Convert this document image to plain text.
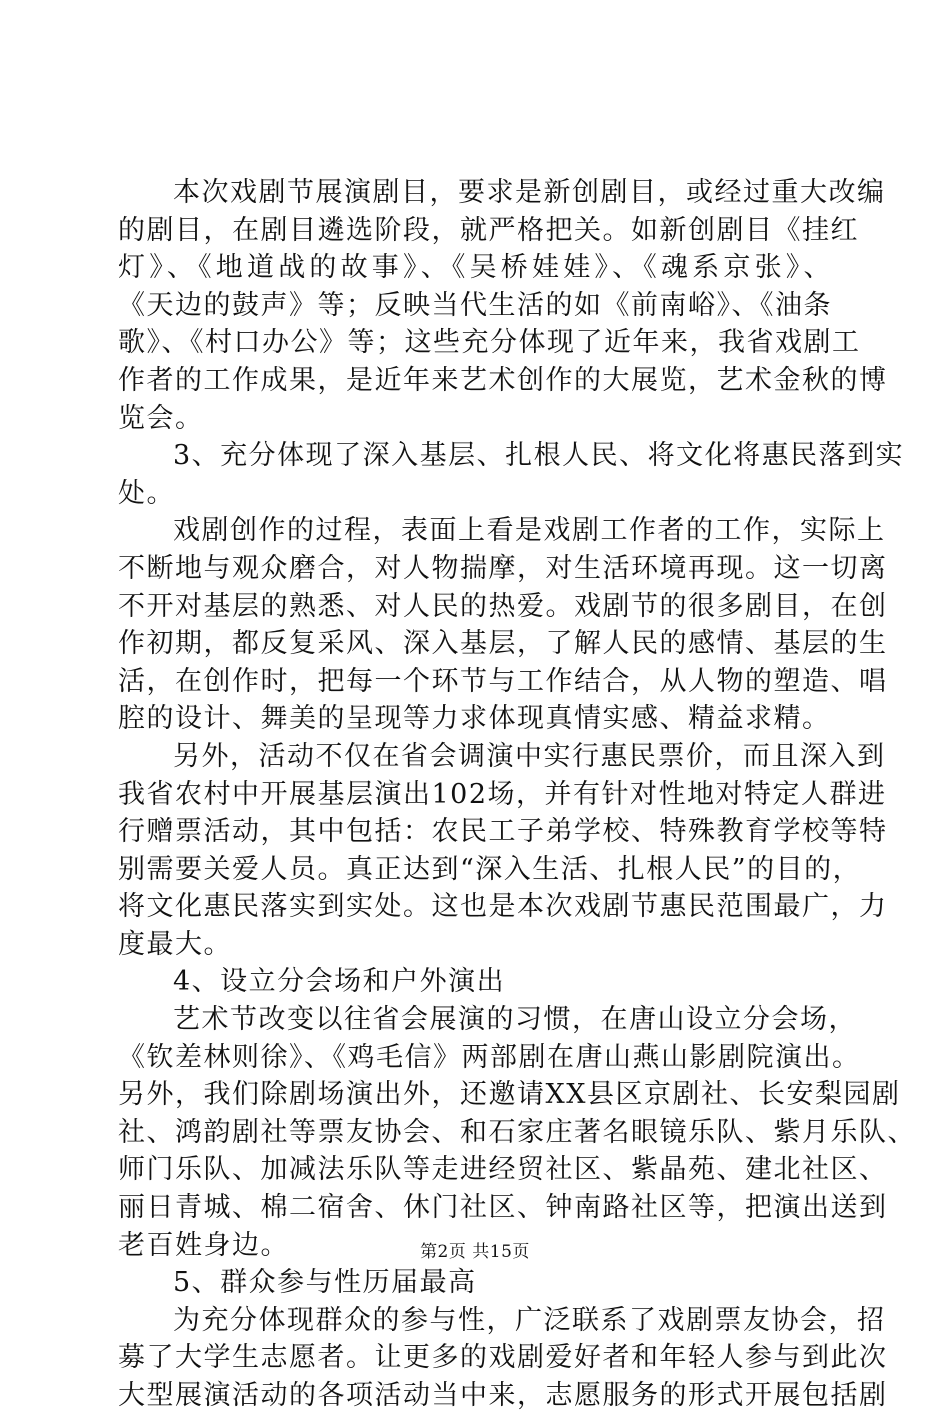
本次戏剧节展演剧目，要求是新创剧目，或经过重大改编
的剧目，在剧目遴选阶段，就严格把关。如新创剧目《挂红
灯》、《地道战的故事》、《吴桥娃娃》、《魂系京张》、
《天边的鼓声》等；反映当代生活的如《前南峪》、《油条
歌》、《村口办公》等；这些充分体现了近年来，我省戏剧工
作者的工作成果，是近年来艺术创作的大展览，艺术金秋的博
览会。
3、充分体现了深入基层、扎根人民、将文化将惠民落到实
处。
戏剧创作的过程，表面上看是戏剧工作者的工作，实际上
不断地与观众磨合，对人物揣摩，对生活环境再现。这一切离
不开对基层的熟悉、对人民的热爱。戏剧节的很多剧目，在创
作初期，都反复采风、深入基层，了解人民的感情、基层的生
活，在创作时，把每一个环节与工作结合，从人物的塑造、唱
腔的设计、舞美的呈现等力求体现真情实感、精益求精。
另外，活动不仅在省会调演中实行惠民票价，而且深入到
我省农村中开展基层演出102场，并有针对性地对特定人群进
行赠票活动，其中包括：农民工子弟学校、特殊教育学校等特
别需要关爱人员。真正达到“深入生活、扎根人民”的目的，
将文化惠民落实到实处。这也是本次戏剧节惠民范围最广，力
度最大。
4、设立分会场和户外演出
艺术节改变以往省会展演的习惯，在唐山设立分会场，
《钦差林则徐》、《鸡毛信》两部剧在唐山燕山影剧院演出。
另外，我们除剧场演出外，还邀请XX县区京剧社、长安梨园剧
社、鸿韵剧社等票友协会、和石家庄著名眼镜乐队、紫月乐队、
师门乐队、加减法乐队等走进经贸社区、紫晶苑、建北社区、
丽日青城、棉二宿舍、休门社区、钟南路社区等，把演出送到
老百姓身边。
5、群众参与性历届最高
为充分体现群众的参与性，广泛联系了戏剧票友协会，招
募了大学生志愿者。让更多的戏剧爱好者和年轻人参与到此次
大型展演活动的各项活动当中来，志愿服务的形式开展包括剧
第2页 共15页
